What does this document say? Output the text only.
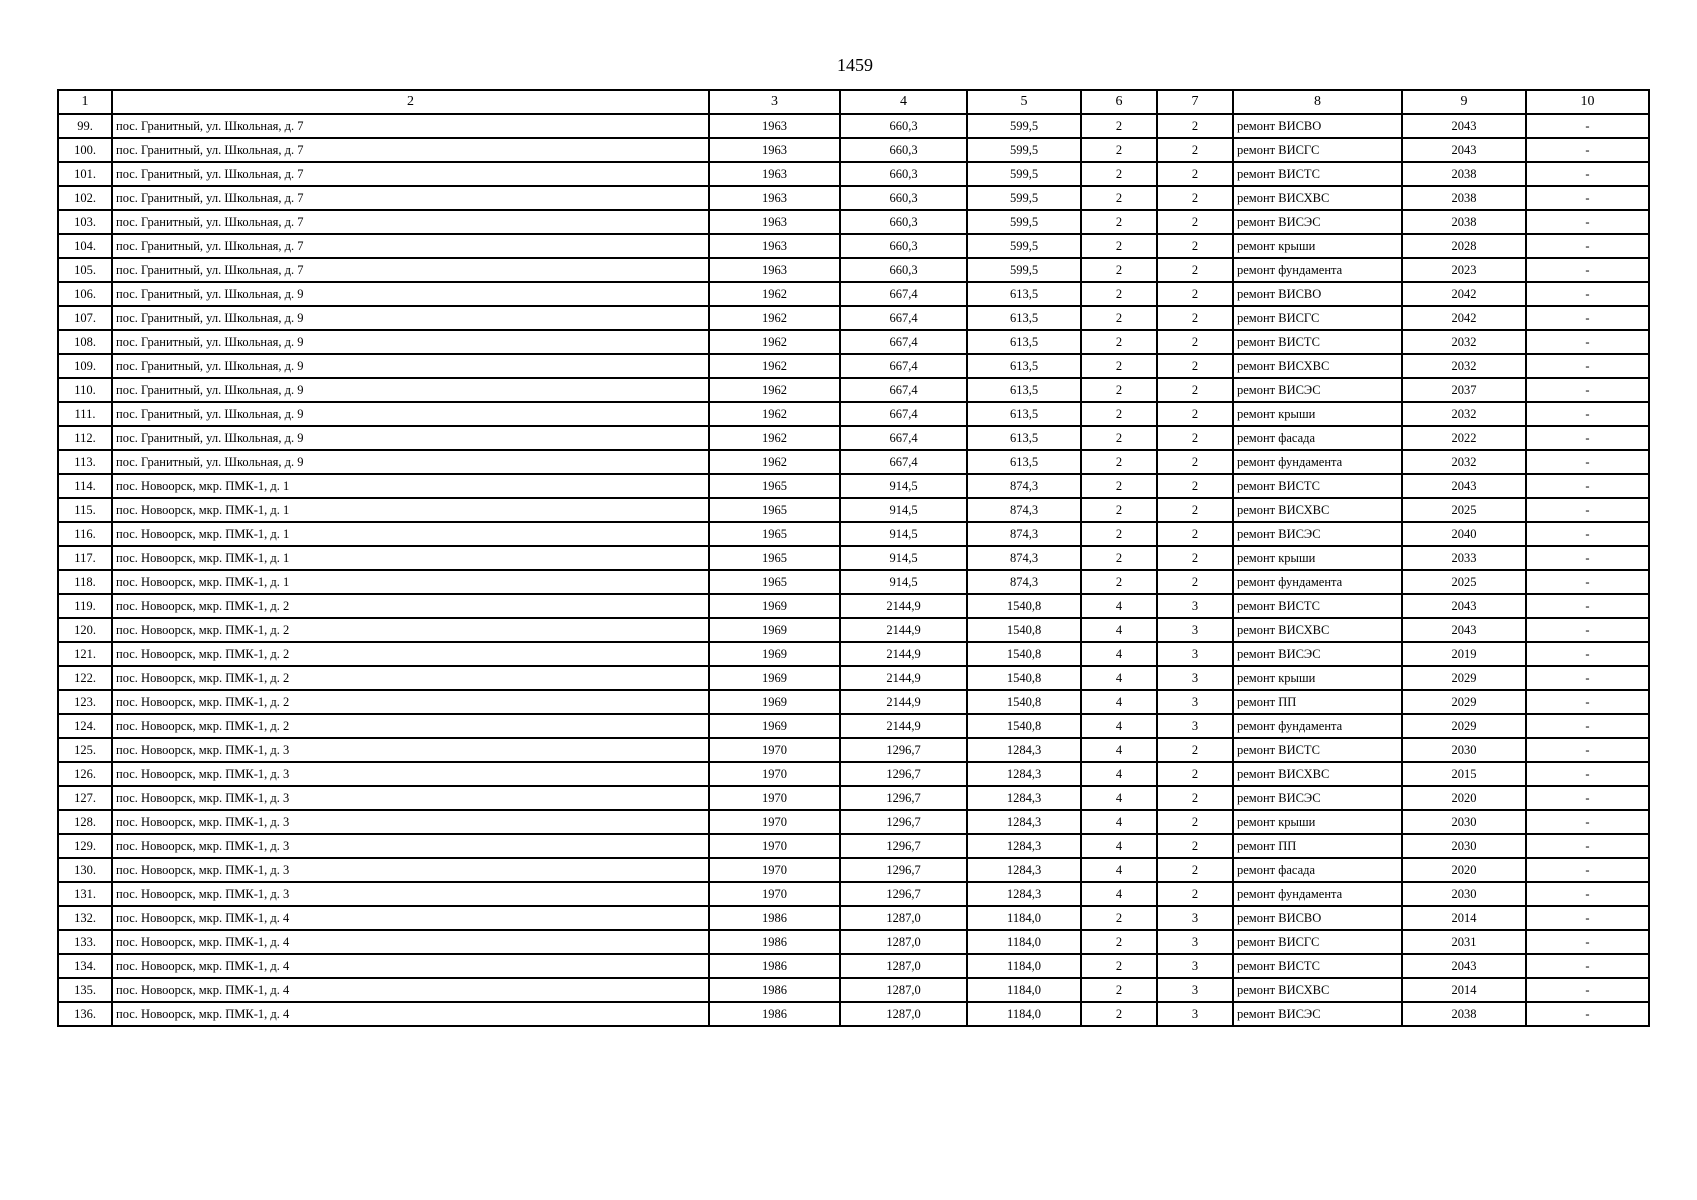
1459
1	2	3	4	5	6	7	8	9	10
99.	пос. Гранитный, ул. Школьная, д. 7	1963	660,3	599,5	2	2	ремонт ВИСВО	2043	-
100.	пос. Гранитный, ул. Школьная, д. 7	1963	660,3	599,5	2	2	ремонт ВИСГС	2043	-
101.	пос. Гранитный, ул. Школьная, д. 7	1963	660,3	599,5	2	2	ремонт ВИСТС	2038	-
102.	пос. Гранитный, ул. Школьная, д. 7	1963	660,3	599,5	2	2	ремонт ВИСХВС	2038	-
103.	пос. Гранитный, ул. Школьная, д. 7	1963	660,3	599,5	2	2	ремонт ВИСЭС	2038	-
104.	пос. Гранитный, ул. Школьная, д. 7	1963	660,3	599,5	2	2	ремонт крыши	2028	-
105.	пос. Гранитный, ул. Школьная, д. 7	1963	660,3	599,5	2	2	ремонт фундамента	2023	-
106.	пос. Гранитный, ул. Школьная, д. 9	1962	667,4	613,5	2	2	ремонт ВИСВО	2042	-
107.	пос. Гранитный, ул. Школьная, д. 9	1962	667,4	613,5	2	2	ремонт ВИСГС	2042	-
108.	пос. Гранитный, ул. Школьная, д. 9	1962	667,4	613,5	2	2	ремонт ВИСТС	2032	-
109.	пос. Гранитный, ул. Школьная, д. 9	1962	667,4	613,5	2	2	ремонт ВИСХВС	2032	-
110.	пос. Гранитный, ул. Школьная, д. 9	1962	667,4	613,5	2	2	ремонт ВИСЭС	2037	-
111.	пос. Гранитный, ул. Школьная, д. 9	1962	667,4	613,5	2	2	ремонт крыши	2032	-
112.	пос. Гранитный, ул. Школьная, д. 9	1962	667,4	613,5	2	2	ремонт фасада	2022	-
113.	пос. Гранитный, ул. Школьная, д. 9	1962	667,4	613,5	2	2	ремонт фундамента	2032	-
114.	пос. Новоорск, мкр. ПМК-1, д. 1	1965	914,5	874,3	2	2	ремонт ВИСТС	2043	-
115.	пос. Новоорск, мкр. ПМК-1, д. 1	1965	914,5	874,3	2	2	ремонт ВИСХВС	2025	-
116.	пос. Новоорск, мкр. ПМК-1, д. 1	1965	914,5	874,3	2	2	ремонт ВИСЭС	2040	-
117.	пос. Новоорск, мкр. ПМК-1, д. 1	1965	914,5	874,3	2	2	ремонт крыши	2033	-
118.	пос. Новоорск, мкр. ПМК-1, д. 1	1965	914,5	874,3	2	2	ремонт фундамента	2025	-
119.	пос. Новоорск, мкр. ПМК-1, д. 2	1969	2144,9	1540,8	4	3	ремонт ВИСТС	2043	-
120.	пос. Новоорск, мкр. ПМК-1, д. 2	1969	2144,9	1540,8	4	3	ремонт ВИСХВС	2043	-
121.	пос. Новоорск, мкр. ПМК-1, д. 2	1969	2144,9	1540,8	4	3	ремонт ВИСЭС	2019	-
122.	пос. Новоорск, мкр. ПМК-1, д. 2	1969	2144,9	1540,8	4	3	ремонт крыши	2029	-
123.	пос. Новоорск, мкр. ПМК-1, д. 2	1969	2144,9	1540,8	4	3	ремонт ПП	2029	-
124.	пос. Новоорск, мкр. ПМК-1, д. 2	1969	2144,9	1540,8	4	3	ремонт фундамента	2029	-
125.	пос. Новоорск, мкр. ПМК-1, д. 3	1970	1296,7	1284,3	4	2	ремонт ВИСТС	2030	-
126.	пос. Новоорск, мкр. ПМК-1, д. 3	1970	1296,7	1284,3	4	2	ремонт ВИСХВС	2015	-
127.	пос. Новоорск, мкр. ПМК-1, д. 3	1970	1296,7	1284,3	4	2	ремонт ВИСЭС	2020	-
128.	пос. Новоорск, мкр. ПМК-1, д. 3	1970	1296,7	1284,3	4	2	ремонт крыши	2030	-
129.	пос. Новоорск, мкр. ПМК-1, д. 3	1970	1296,7	1284,3	4	2	ремонт ПП	2030	-
130.	пос. Новоорск, мкр. ПМК-1, д. 3	1970	1296,7	1284,3	4	2	ремонт фасада	2020	-
131.	пос. Новоорск, мкр. ПМК-1, д. 3	1970	1296,7	1284,3	4	2	ремонт фундамента	2030	-
132.	пос. Новоорск, мкр. ПМК-1, д. 4	1986	1287,0	1184,0	2	3	ремонт ВИСВО	2014	-
133.	пос. Новоорск, мкр. ПМК-1, д. 4	1986	1287,0	1184,0	2	3	ремонт ВИСГС	2031	-
134.	пос. Новоорск, мкр. ПМК-1, д. 4	1986	1287,0	1184,0	2	3	ремонт ВИСТС	2043	-
135.	пос. Новоорск, мкр. ПМК-1, д. 4	1986	1287,0	1184,0	2	3	ремонт ВИСХВС	2014	-
136.	пос. Новоорск, мкр. ПМК-1, д. 4	1986	1287,0	1184,0	2	3	ремонт ВИСЭС	2038	-
